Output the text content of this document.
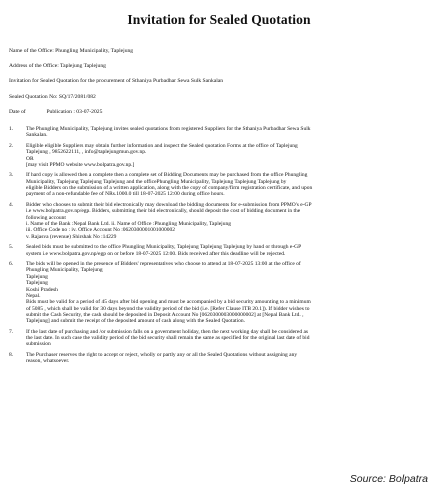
Invitation for Sealed Quotation
Name of the Office: Phungling Municipality, Taplejung
Address of the Office: Taplejung Taplejung
Invitation for Sealed Quotation for the procurement of Sthaniya Purbadhar Sewa Sulk Sankalan
Sealed Quotation No: SQ/17/2081/082
Date of	Publication : 03-07-2025
1.	The Phungling Municipality, Taplejung invites sealed quotations from registered Suppliers for the Sthaniya Purbadhar Sewa Sulk
Sankalan.
2.	Eligible eligible Suppliers may obtain further information and inspect the Sealed quotation Forms at the office of Taplejung
Taplejung , 9852622111, , info@taplejungmun.gov.np.
OR
[may visit PPMO website www.bolpatra.gov.np.]
3.	If hard copy is allowed then a complete then a complete set of Bidding Documents may be purchased from the office Phungling
Municipality, Taplejung Taplejung Taplejung and the officePhungling Municipality, Taplejung Taplejung Taplejung by
eligible Bidders on the submission of a written application, along with the copy of company/firm registration certificate, and upon
payment of a non-refundable fee of NRs.1000.0 till 18-07-2025 12:00 during office hours.
4.	Bidder who chooses to submit their bid electronically may download the bidding documents for e-submission from PPMO's e-GP
i.e www.bolpatra.gov.np/egp. Bidders, submitting their bid electronically, should deposit the cost of bidding document in the
following account
i. Name of the Bank :Nepal Bank Ltd. ii. Name of Office :Phungling Municipality, Taplejung
iii. Office Code no : iv. Office Account No :0620300001001000002
v. Rajasva (revenue) Shirshak No :14229
5.	Sealed bids must be submitted to the office Phungling Municipality, Taplejung Taplejung Taplejung by hand or through e-GP
system i.e www.bolpatra.gov.np/egp on or before 18-07-2025 12:00. Bids received after this deadline will be rejected.
6.	The bids will be opened in the presence of Bidders' representatives who choose to attend at 18-07-2025 13:00 at the office of
Phungling Municipality, Taplejung
Taplejung
Taplejung
Koshi Pradesh
Nepal.
Bids must be valid for a period of 45 days after bid opening and must be accompanied by a bid security amounting to a minimum
of 5085 , which shall be valid for 30 days beyond the validity period of the bid (i.e. [Refer Clause ITB 20.1]). If bidder wishes to
submit the Cash Security, the cash should be deposited in Deposit Account No [0620300003000000002] at [Nepal Bank Ltd. ,
Taplejung] and submit the receipt of the deposited amount of cash along with the Sealed Quotation.
7.	If the last date of purchasing and /or submission falls on a government holiday, then the next working day shall be considered as
the last date. In such case the validity period of the bid security shall remain the same as specified for the original last date of bid
submission
8.	The Purchaser reserves the right to accept or reject, wholly or partly any or all the Sealed Quotations without assigning any
reason, whatsoever.
Source: Bolpatra
